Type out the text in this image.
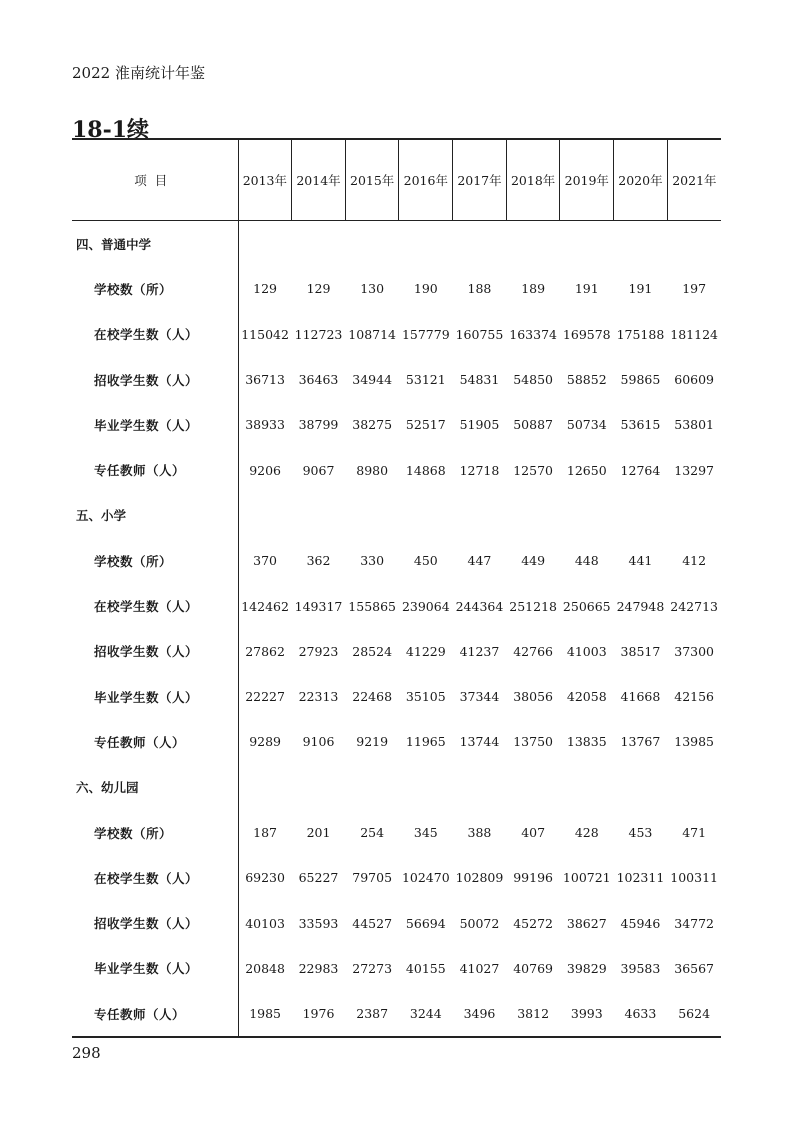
2022 淮南统计年鉴
18-1续
项目	2013年	2014年	2015年	2016年	2017年	2018年	2019年	2020年	2021年
四、普通中学									
学校数（所）	129	129	130	190	188	189	191	191	197
在校学生数（人）	115042	112723	108714	157779	160755	163374	169578	175188	181124
招收学生数（人）	36713	36463	34944	53121	54831	54850	58852	59865	60609
毕业学生数（人）	38933	38799	38275	52517	51905	50887	50734	53615	53801
专任教师（人）	9206	9067	8980	14868	12718	12570	12650	12764	13297
五、小学									
学校数（所）	370	362	330	450	447	449	448	441	412
在校学生数（人）	142462	149317	155865	239064	244364	251218	250665	247948	242713
招收学生数（人）	27862	27923	28524	41229	41237	42766	41003	38517	37300
毕业学生数（人）	22227	22313	22468	35105	37344	38056	42058	41668	42156
专任教师（人）	9289	9106	9219	11965	13744	13750	13835	13767	13985
六、幼儿园									
学校数（所）	187	201	254	345	388	407	428	453	471
在校学生数（人）	69230	65227	79705	102470	102809	99196	100721	102311	100311
招收学生数（人）	40103	33593	44527	56694	50072	45272	38627	45946	34772
毕业学生数（人）	20848	22983	27273	40155	41027	40769	39829	39583	36567
专任教师（人）	1985	1976	2387	3244	3496	3812	3993	4633	5624
298
